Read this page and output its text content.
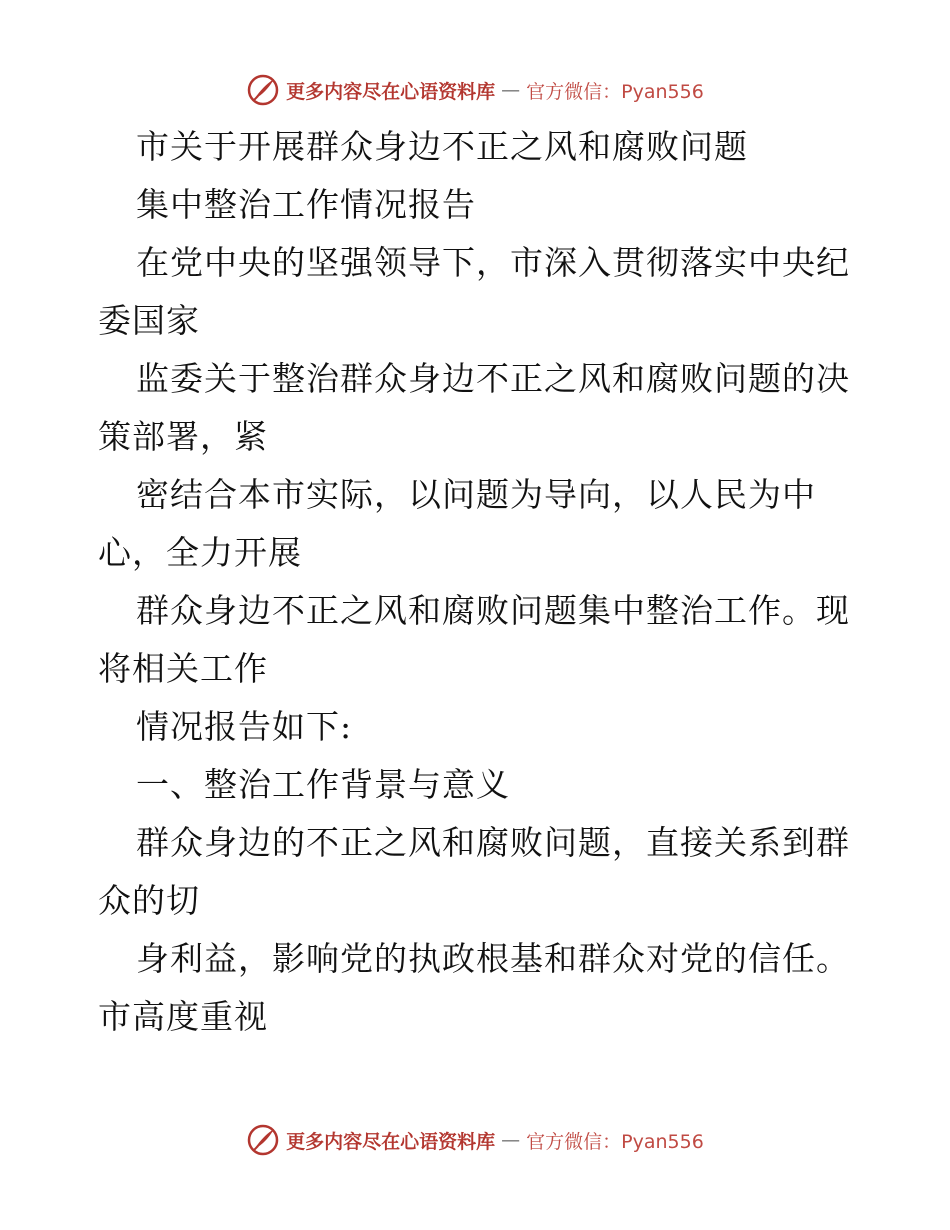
更多内容尽在心语资料库 — 官方微信：Pyan556
市关于开展群众身边不正之风和腐败问题
集中整治工作情况报告
在党中央的坚强领导下，市深入贯彻落实中央纪
委国家
监委关于整治群众身边不正之风和腐败问题的决
策部署，紧
密结合本市实际，以问题为导向，以人民为中
心，全力开展
群众身边不正之风和腐败问题集中整治工作。现
将相关工作
情况报告如下:
一、整治工作背景与意义
群众身边的不正之风和腐败问题，直接关系到群
众的切
身利益，影响党的执政根基和群众对党的信任。
市高度重视
更多内容尽在心语资料库 — 官方微信：Pyan556
